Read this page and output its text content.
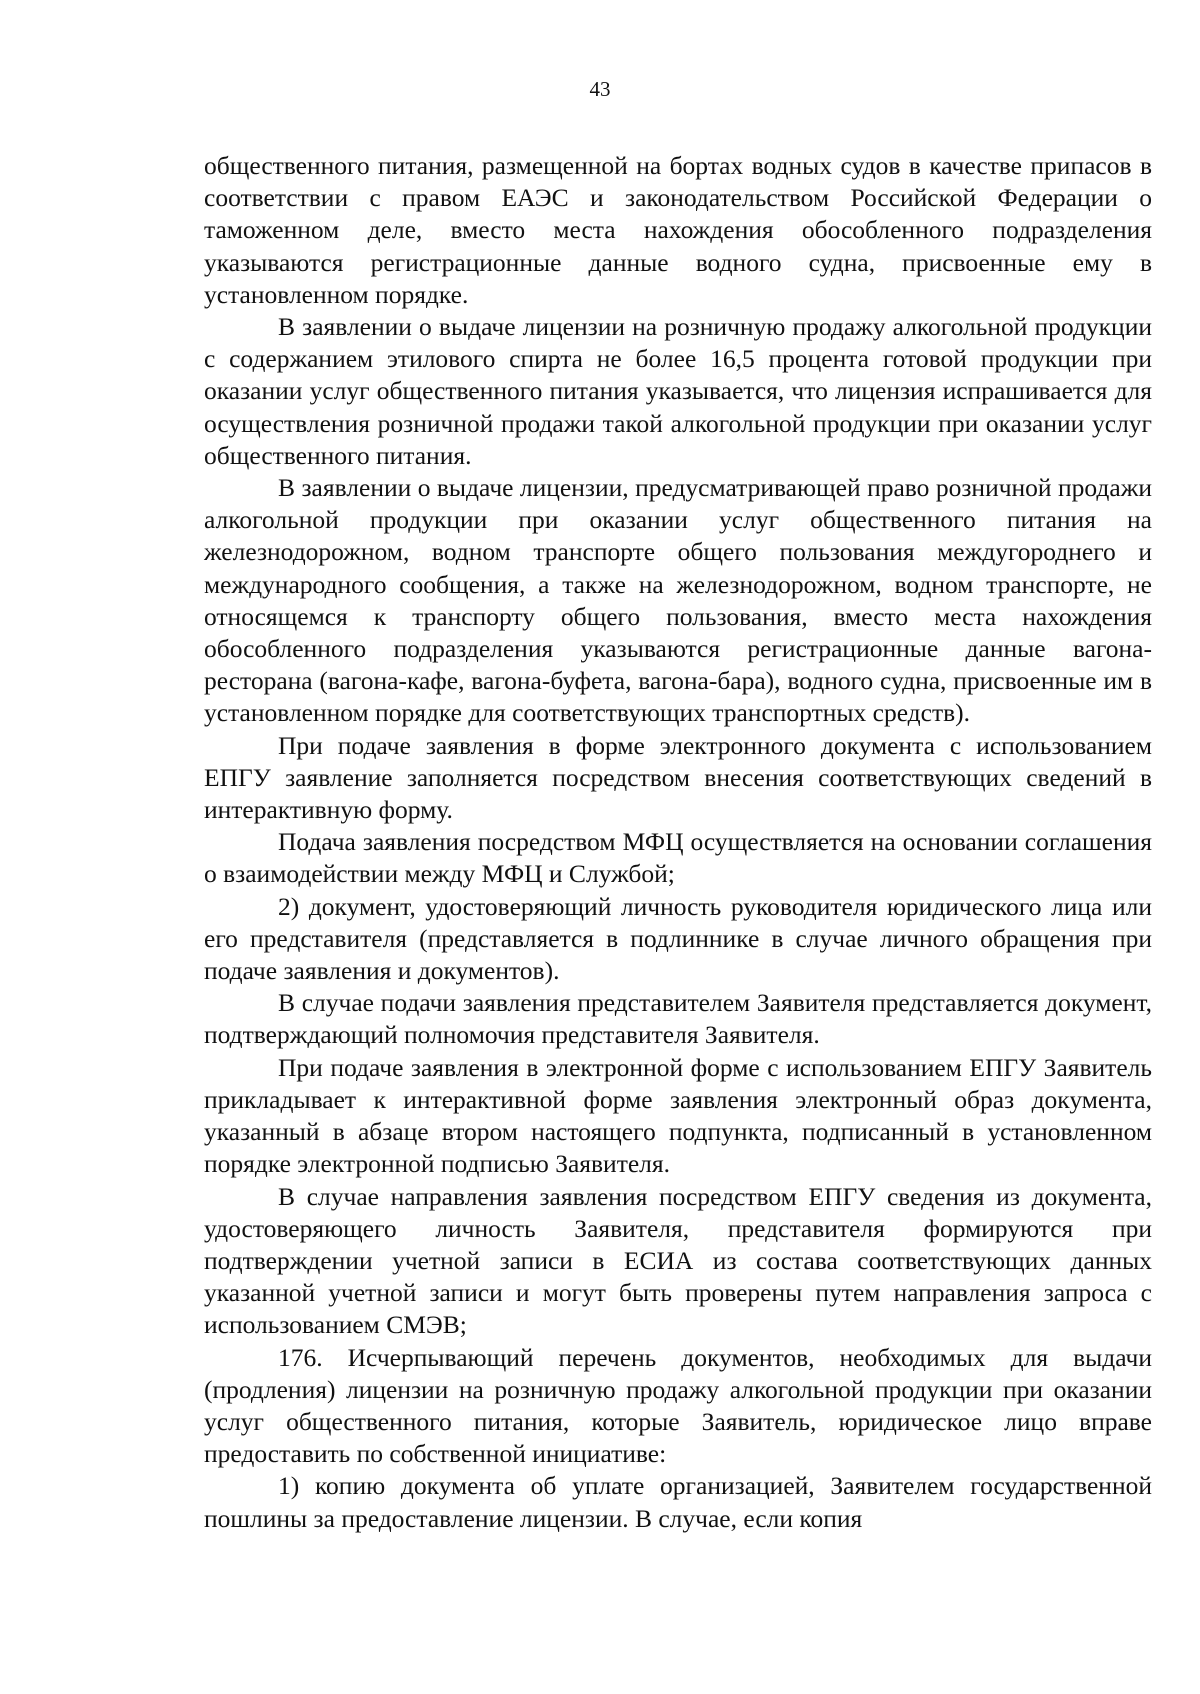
43

общественного питания, размещенной на бортах водных судов в качестве припасов в соответствии с правом ЕАЭС и законодательством Российской Федерации о таможенном деле, вместо места нахождения обособленного подразделения указываются регистрационные данные водного судна, присвоенные ему в установленном порядке.

В заявлении о выдаче лицензии на розничную продажу алкогольной продукции с содержанием этилового спирта не более 16,5 процента готовой продукции при оказании услуг общественного питания указывается, что лицензия испрашивается для осуществления розничной продажи такой алкогольной продукции при оказании услуг общественного питания.

В заявлении о выдаче лицензии, предусматривающей право розничной продажи алкогольной продукции при оказании услуг общественного питания на железнодорожном, водном транспорте общего пользования междугороднего и международного сообщения, а также на железнодорожном, водном транспорте, не относящемся к транспорту общего пользования, вместо места нахождения обособленного подразделения указываются регистрационные данные вагона-ресторана (вагона-кафе, вагона-буфета, вагона-бара), водного судна, присвоенные им в установленном порядке для соответствующих транспортных средств).

При подаче заявления в форме электронного документа с использованием ЕПГУ заявление заполняется посредством внесения соответствующих сведений в интерактивную форму.

Подача заявления посредством МФЦ осуществляется на основании соглашения о взаимодействии между МФЦ и Службой;

2) документ, удостоверяющий личность руководителя юридического лица или его представителя (представляется в подлиннике в случае личного обращения при подаче заявления и документов).

В случае подачи заявления представителем Заявителя представляется документ, подтверждающий полномочия представителя Заявителя.

При подаче заявления в электронной форме с использованием ЕПГУ Заявитель прикладывает к интерактивной форме заявления электронный образ документа, указанный в абзаце втором настоящего подпункта, подписанный в установленном порядке электронной подписью Заявителя.

В случае направления заявления посредством ЕПГУ сведения из документа, удостоверяющего личность Заявителя, представителя формируются при подтверждении учетной записи в ЕСИА из состава соответствующих данных указанной учетной записи и могут быть проверены путем направления запроса с использованием СМЭВ;

176. Исчерпывающий перечень документов, необходимых для выдачи (продления) лицензии на розничную продажу алкогольной продукции при оказании услуг общественного питания, которые Заявитель, юридическое лицо вправе предоставить по собственной инициативе:

1) копию документа об уплате организацией, Заявителем государственной пошлины за предоставление лицензии. В случае, если копия
